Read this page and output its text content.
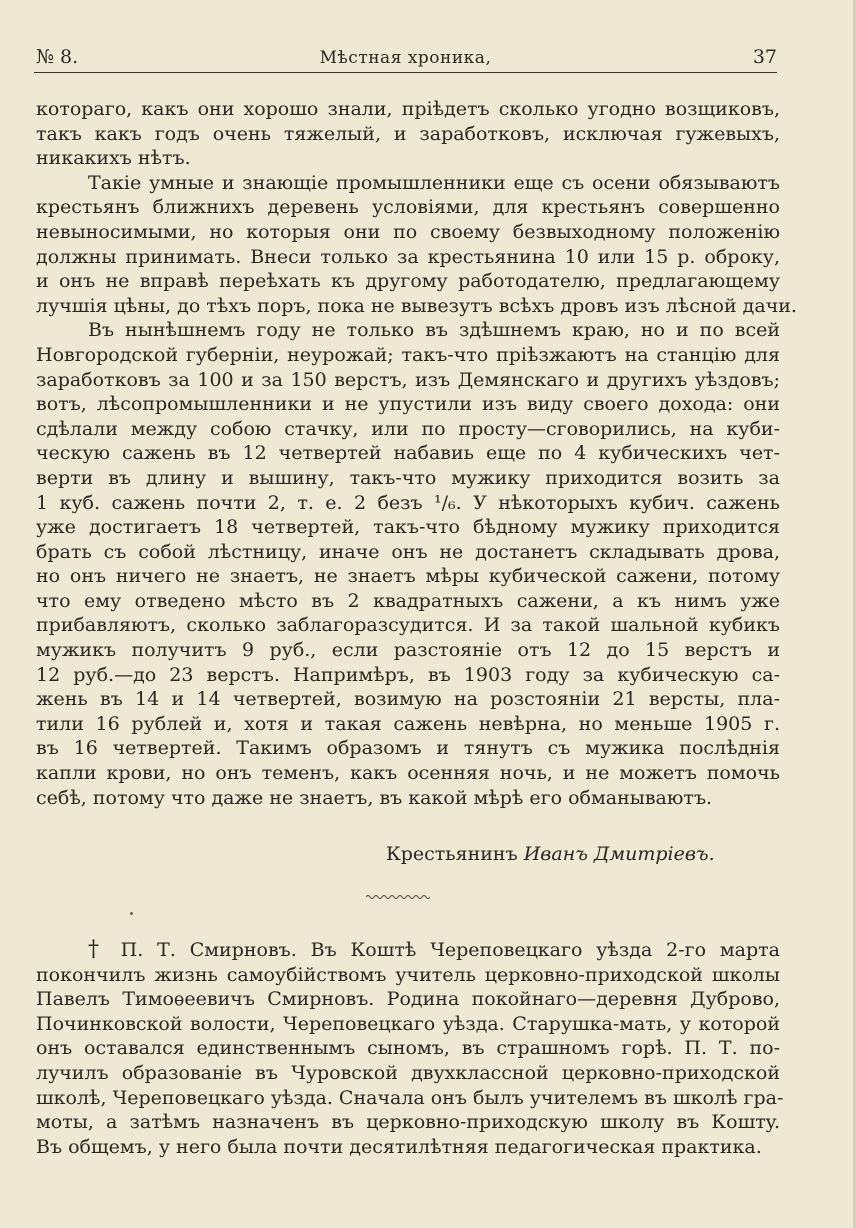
№ 8.	Мѣстная хроника,	37
котораго, какъ они хорошо знали, пріѣдетъ сколько угодно возщиковъ,
такъ какъ годъ очень тяжелый, и заработковъ, исключая гужевыхъ,
никакихъ нѣтъ.
Такіе умные и знающіе промышленники еще съ осени обязываютъ
крестьянъ ближнихъ деревень условіями, для крестьянъ совершенно
невыносимыми, но которыя они по своему безвыходному положенію
должны принимать. Внеси только за крестьянина 10 или 15 р. оброку,
и онъ не вправѣ переѣхать къ другому работодателю, предлагающему
лучшія цѣны, до тѣхъ поръ, пока не вывезутъ всѣхъ дровъ изъ лѣсной дачи.
Въ нынѣшнемъ году не только въ здѣшнемъ краю, но и по всей
Новгородской губерніи, неурожай; такъ-что пріѣзжаютъ на станцію для
заработковъ за 100 и за 150 верстъ, изъ Демянскаго и другихъ уѣздовъ;
вотъ, лѣсопромышленники и не упустили изъ виду своего дохода: они
сдѣлали между собою стачку, или по просту—сговорились, на куби-
ческую сажень въ 12 четвертей набавиь еще по 4 кубическихъ чет-
верти въ длину и вышину, такъ-что мужику приходится возить за
1 куб. сажень почти 2, т. е. 2 безъ ¹/₆. У нѣкоторыхъ кубич. сажень
уже достигаетъ 18 четвертей, такъ-что бѣдному мужику приходится
брать съ собой лѣстницу, иначе онъ не достанетъ складывать дрова,
но онъ ничего не знаетъ, не знаетъ мѣры кубической сажени, потому
что ему отведено мѣсто въ 2 квадратныхъ сажени, а къ нимъ уже
прибавляютъ, сколько заблагоразсудится. И за такой шальной кубикъ
мужикъ получитъ 9 руб., если разстояніе отъ 12 до 15 верстъ и
12 руб.—до 23 верстъ. Напримѣръ, въ 1903 году за кубическую са-
жень въ 14 и 14 четвертей, возимую на розстояніи 21 версты, пла-
тили 16 рублей и, хотя и такая сажень невѣрна, но меньше 1905 г.
въ 16 четвертей. Такимъ образомъ и тянутъ съ мужика послѣднія
капли крови, но онъ теменъ, какъ осенняя ночь, и не можетъ помочь
себѣ, потому что даже не знаетъ, въ какой мѣрѣ его обманываютъ.
Крестьянинъ Иванъ Дмитріевъ.
† П. Т. Смирновъ. Въ Коштѣ Череповецкаго уѣзда 2-го марта
покончилъ жизнь самоубійствомъ учитель церковно-приходской школы
Павелъ Тимоѳеевичъ Смирновъ. Родина покойнаго—деревня Дуброво,
Починковской волости, Череповецкаго уѣзда. Старушка-мать, у которой
онъ оставался единственнымъ сыномъ, въ страшномъ горѣ. П. Т. по-
лучилъ образованіе въ Чуровской двухклассной церковно-приходской
школѣ, Череповецкаго уѣзда. Сначала онъ былъ учителемъ въ школѣ гра-
моты, а затѣмъ назначенъ въ церковно-приходскую школу въ Коштy.
Въ общемъ, у него была почти десятилѣтняя педагогическая практика.
